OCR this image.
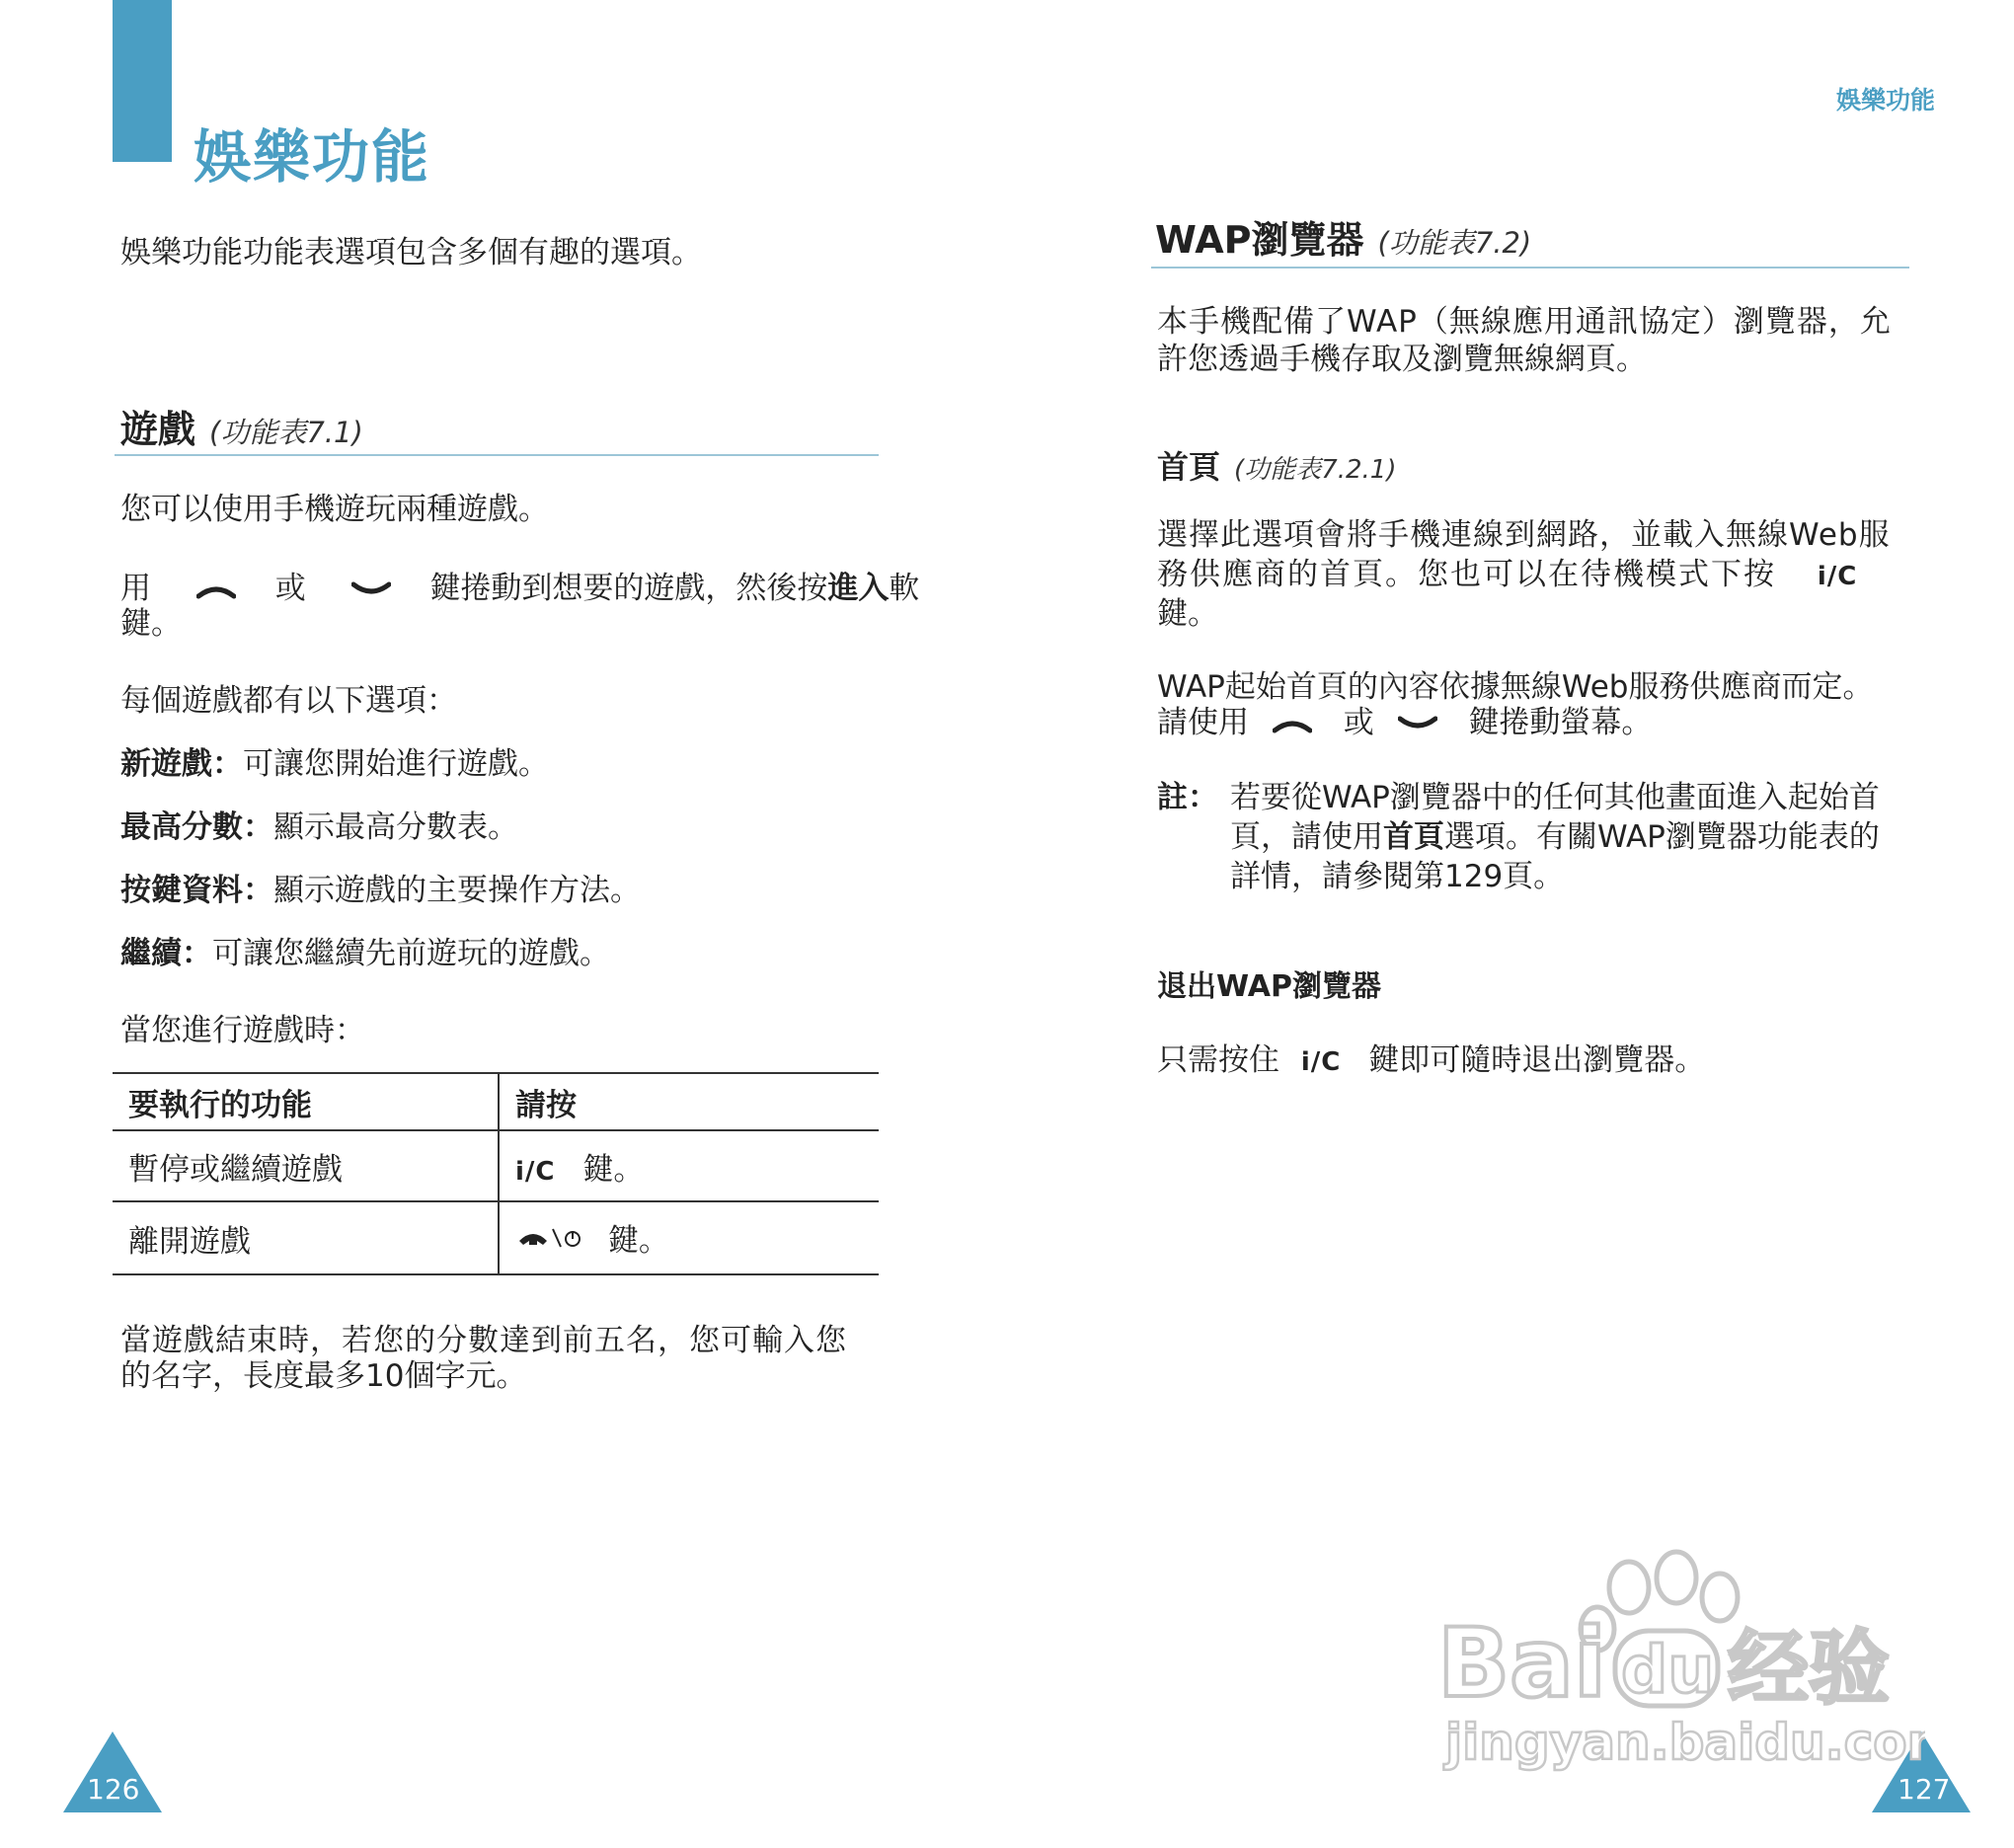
娛樂功能

娛樂功能功能表選項包含多個有趣的選項。

遊戲 (功能表7.1)

您可以使用手機遊玩兩種遊戲。

用	或	鍵捲動到想要的遊戲，然後按進入軟

鍵。

每個遊戲都有以下選項：

新遊戲：可讓您開始進行遊戲。

最高分數：顯示最高分數表。

按鍵資料：顯示遊戲的主要操作方法。

繼續：可讓您繼續先前遊玩的遊戲。

當您進行遊戲時：

要執行的功能	請按
暫停或繼續遊戲	i/C 鍵。
離開遊戲	鍵。

當遊戲結束時，若您的分數達到前五名，您可輸入您

的名字，長度最多10個字元。

126
娛樂功能
WAP瀏覽器 (功能表7.2)

本手機配備了WAP（無線應用通訊協定）瀏覽器，允

許您透過手機存取及瀏覽無線網頁。

首頁 (功能表7.2.1)

選擇此選項會將手機連線到網路，並載入無線Web服

務供應商的首頁。您也可以在待機模式下按 i/C

鍵。

WAP起始首頁的內容依據無線Web服務供應商而定。

請使用	或	鍵捲動螢幕。

註： 若要從WAP瀏覽器中的任何其他畫面進入起始首

頁，請使用首頁選項。有關WAP瀏覽器功能表的

詳情，請參閱第129頁。

退出WAP瀏覽器

只需按住 i/C 鍵即可隨時退出瀏覽器。
127
Bai du 经验
jingyan.baidu.com
